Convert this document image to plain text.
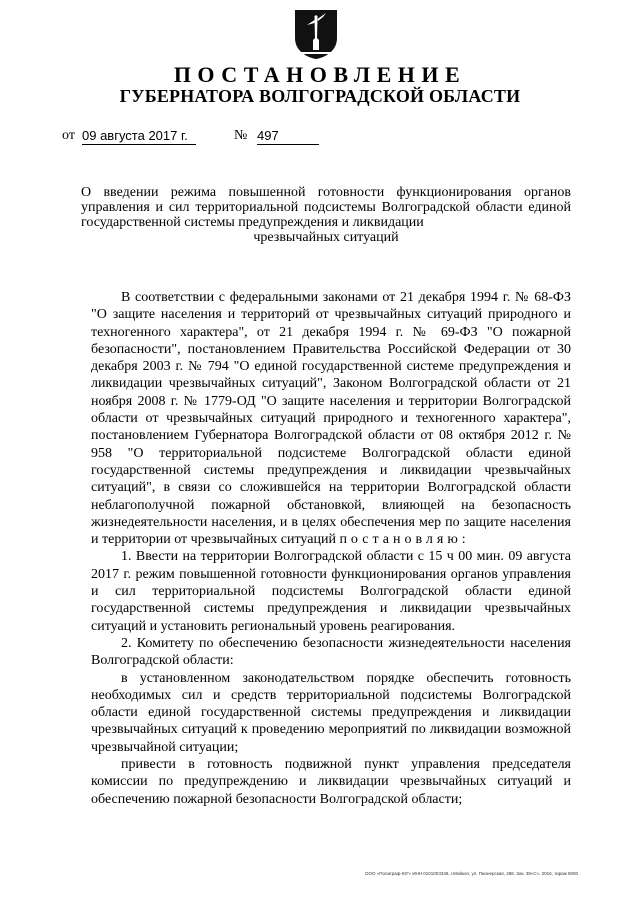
ПОСТАНОВЛЕНИЕ
ГУБЕРНАТОРА ВОЛГОГРАДСКОЙ ОБЛАСТИ
от 09 августа 2017 г.	№ 497
О введении режима повышенной готовности функционирования органов управления и сил территориальной подсистемы Волгоградской области единой государственной системы предупреждения и ликвидации
чрезвычайных ситуаций

В соответствии с федеральными законами от 21 декабря 1994 г. № 68-ФЗ "О защите населения и территорий от чрезвычайных ситуаций природного и техногенного характера", от 21 декабря 1994 г. № 69-ФЗ "О пожарной безопасности", постановлением Правительства Российской Федерации от 30 декабря 2003 г. № 794 "О единой государственной системе предупреждения и ликвидации чрезвычайных ситуаций", Законом Волгоградской области от 21 ноября 2008 г. № 1779-ОД "О защите населения и территории Волгоградской области от чрезвычайных ситуаций природного и техногенного характера", постановлением Губернатора Волгоградской области от 08 октября 2012 г. № 958 "О территориальной подсистеме Волгоградской области единой государственной системы предупреждения и ликвидации чрезвычайных ситуаций", в связи со сложившейся на территории Волгоградской области неблагополучной пожарной обстановкой, влияющей на безопасность жизнедеятельности населения, и в целях обеспечения мер по защите населения и территории от чрезвычайных ситуаций постановляю:

1. Ввести на территории Волгоградской области с 15 ч 00 мин. 09 августа 2017 г. режим повышенной готовности функционирования органов управления и сил территориальной подсистемы Волгоградской области единой государственной системы предупреждения и ликвидации чрезвычайных ситуаций и установить региональный уровень реагирования.

2. Комитету по обеспечению безопасности жизнедеятельности населения Волгоградской области:

в установленном законодательством порядке обеспечить готовность необходимых сил и средств территориальной подсистемы Волгоградской области единой государственной системы предупреждения и ликвидации чрезвычайных ситуаций к проведению мероприятий по ликвидации возможной чрезвычайной ситуации;

привести в готовность подвижной пункт управления председателя комиссии по предупреждению и ликвидации чрезвычайных ситуаций и обеспечению пожарной безопасности Волгоградской области;

ООО «Полиграф-ЮГ» ИНН 0101003349, г.Майкоп, ул. Пионерская, 288. Зак. 39«С», 2016, тираж 5000
